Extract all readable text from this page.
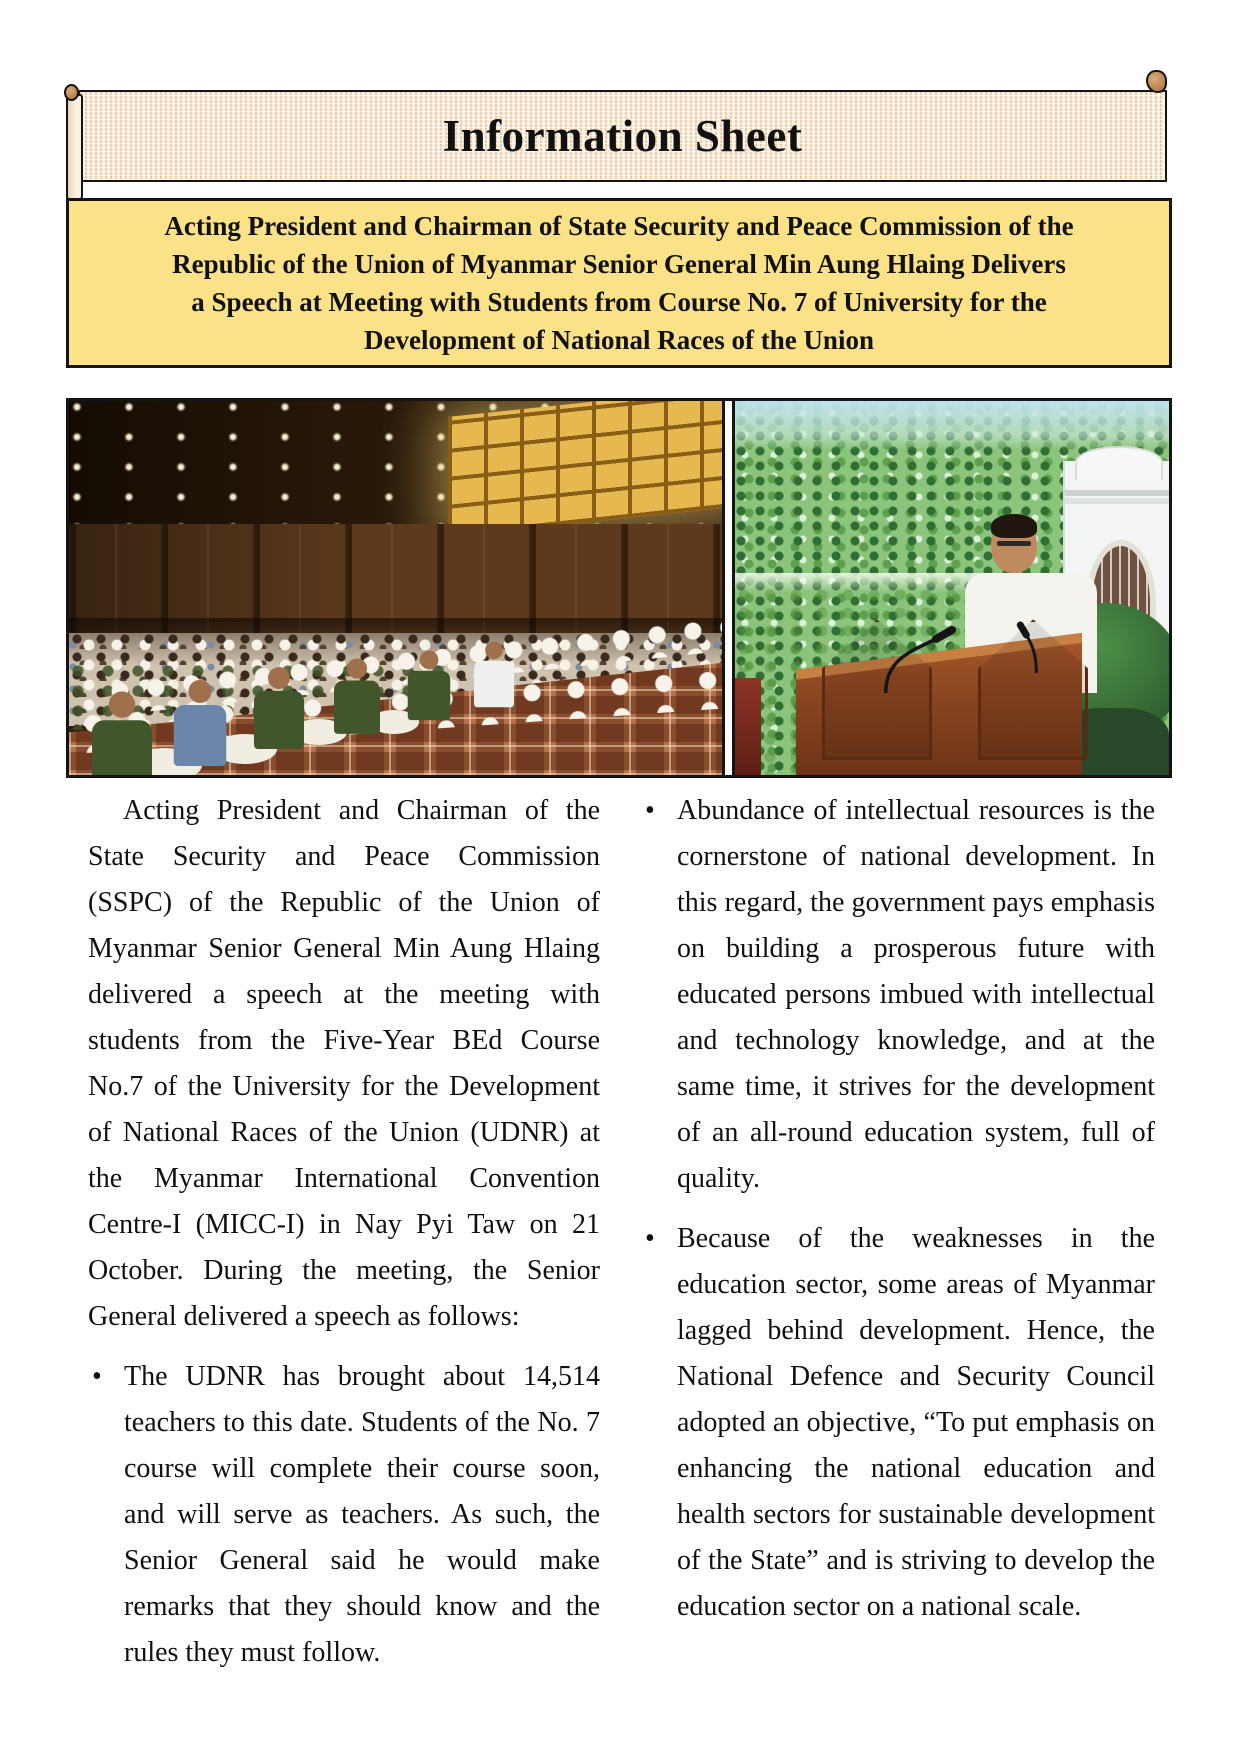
Information Sheet
Acting President and Chairman of State Security and Peace Commission of the
Republic of the Union of Myanmar Senior General Min Aung Hlaing Delivers
a Speech at Meeting with Students from Course No. 7 of University for the
Development of National Races of the Union

Acting President and Chairman of the State Security and Peace Commission (SSPC) of the Republic of the Union of Myanmar Senior General Min Aung Hlaing delivered a speech at the meeting with students from the Five-Year BEd Course No.7 of the University for the Development of National Races of the Union (UDNR) at the Myanmar International Convention Centre-I (MICC-I) in Nay Pyi Taw on 21 October. During the meeting, the Senior General delivered a speech as follows:

• The UDNR has brought about 14,514 teachers to this date. Students of the No. 7 course will complete their course soon, and will serve as teachers. As such, the Senior General said he would make remarks that they should know and the rules they must follow.
• Abundance of intellectual resources is the cornerstone of national development. In this regard, the government pays emphasis on building a prosperous future with educated persons imbued with intellectual and technology knowledge, and at the same time, it strives for the development of an all-round education system, full of quality.
• Because of the weaknesses in the education sector, some areas of Myanmar lagged behind development. Hence, the National Defence and Security Council adopted an objective, “To put emphasis on enhancing the national education and health sectors for sustainable development of the State” and is striving to develop the education sector on a national scale.
